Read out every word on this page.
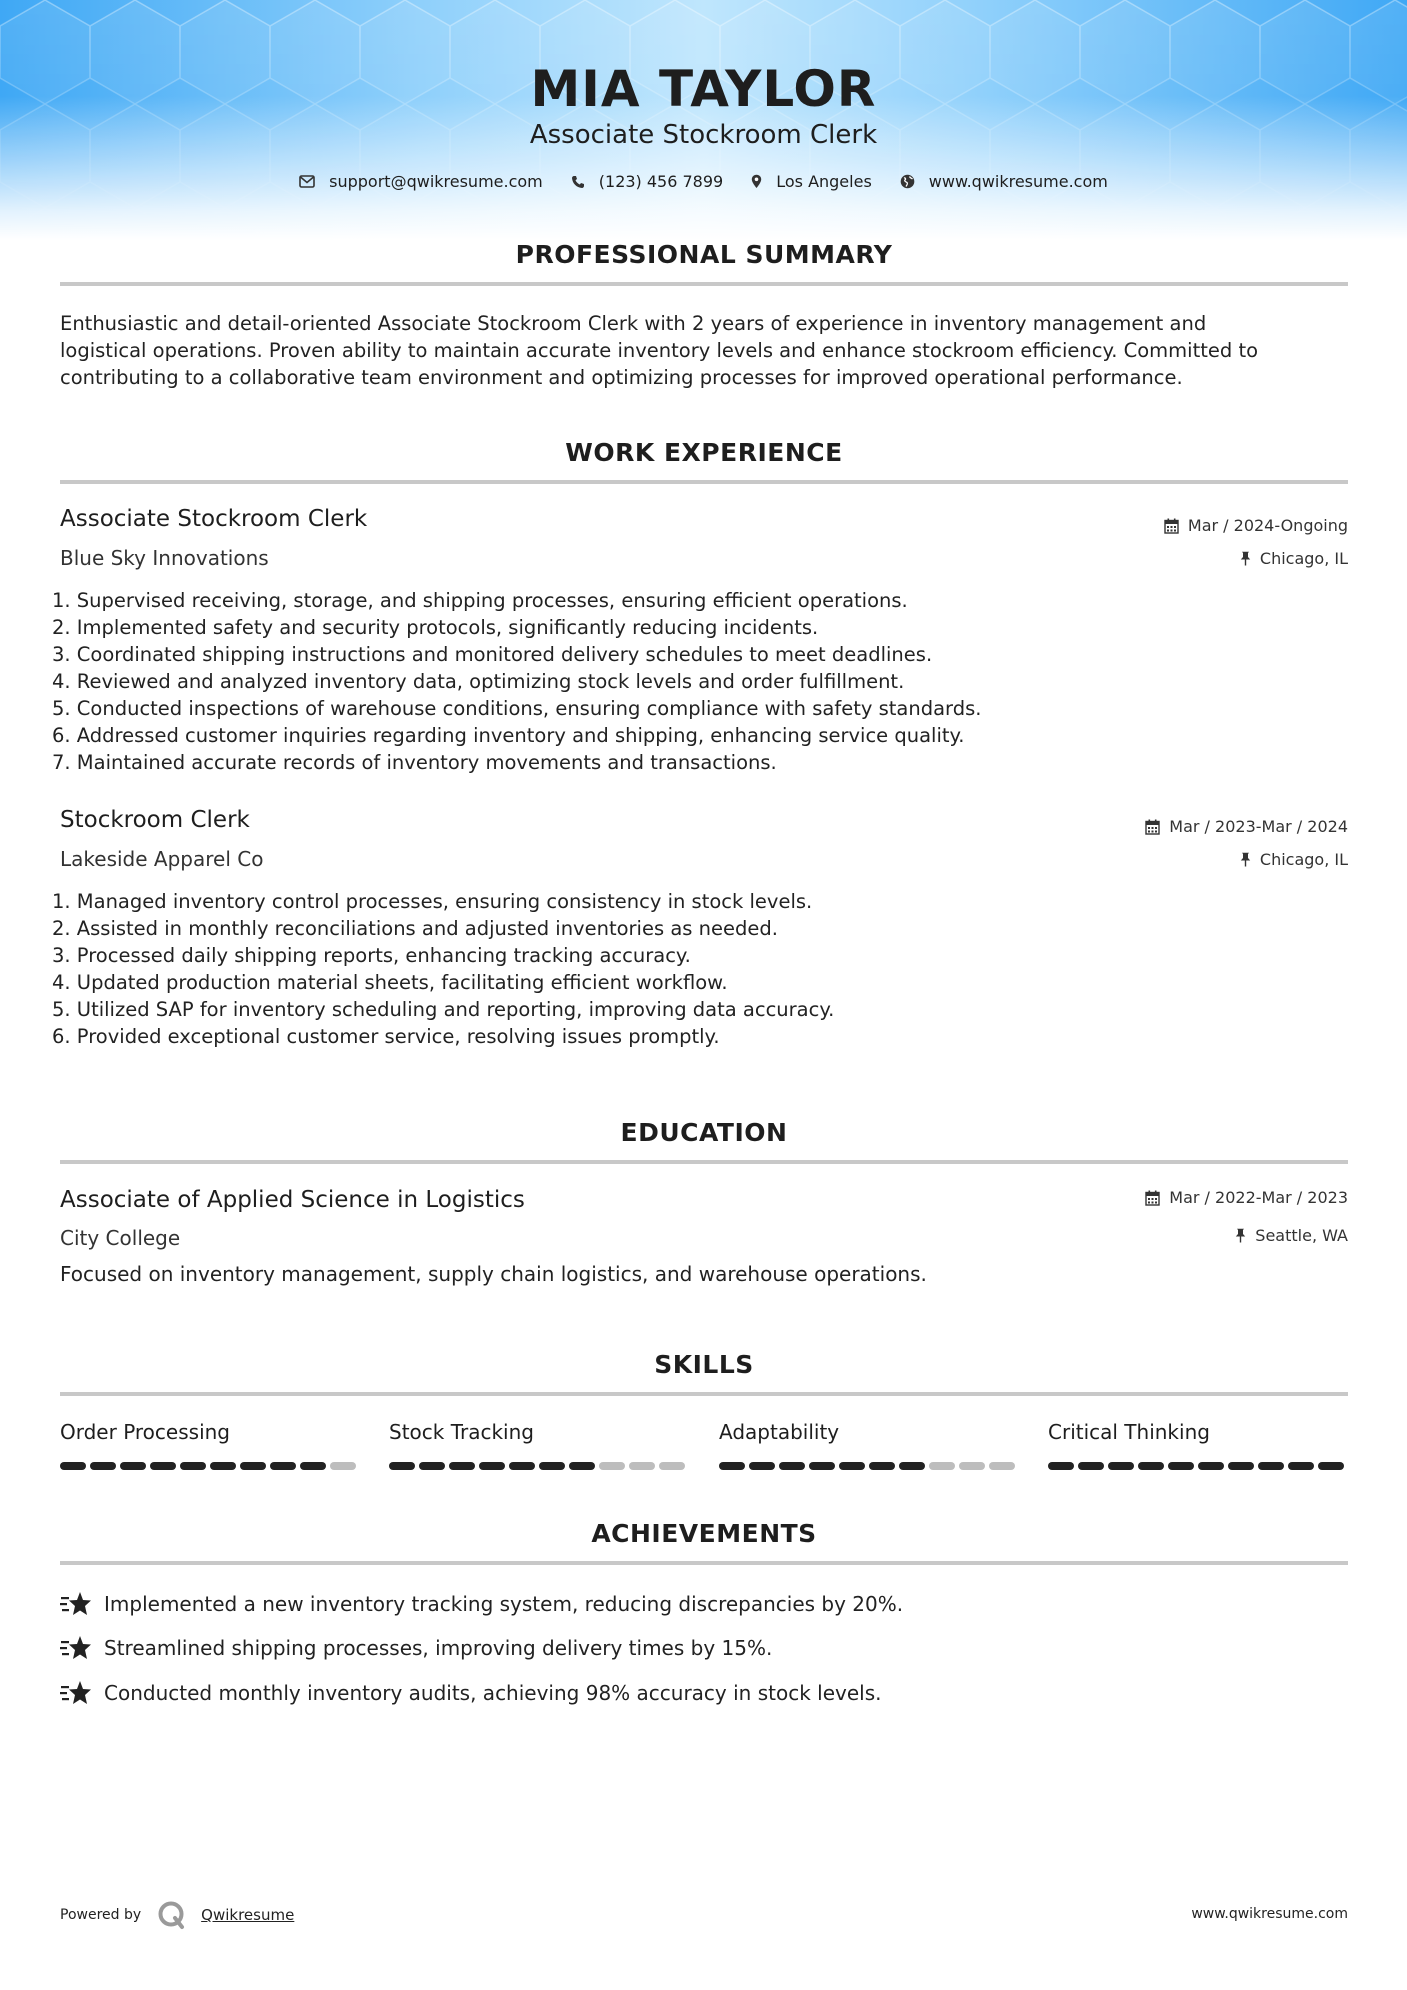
MIA TAYLOR
Associate Stockroom Clerk
support@qwikresume.com	(123) 456 7899	Los Angeles	www.qwikresume.com
PROFESSIONAL SUMMARY
Enthusiastic and detail-oriented Associate Stockroom Clerk with 2 years of experience in inventory management and
logistical operations. Proven ability to maintain accurate inventory levels and enhance stockroom efficiency. Committed to
contributing to a collaborative team environment and optimizing processes for improved operational performance.
WORK EXPERIENCE
Associate Stockroom Clerk	Mar / 2024-Ongoing
Blue Sky Innovations	Chicago, IL
1. Supervised receiving, storage, and shipping processes, ensuring efficient operations.
2. Implemented safety and security protocols, significantly reducing incidents.
3. Coordinated shipping instructions and monitored delivery schedules to meet deadlines.
4. Reviewed and analyzed inventory data, optimizing stock levels and order fulfillment.
5. Conducted inspections of warehouse conditions, ensuring compliance with safety standards.
6. Addressed customer inquiries regarding inventory and shipping, enhancing service quality.
7. Maintained accurate records of inventory movements and transactions.
Stockroom Clerk	Mar / 2023-Mar / 2024
Lakeside Apparel Co	Chicago, IL
1. Managed inventory control processes, ensuring consistency in stock levels.
2. Assisted in monthly reconciliations and adjusted inventories as needed.
3. Processed daily shipping reports, enhancing tracking accuracy.
4. Updated production material sheets, facilitating efficient workflow.
5. Utilized SAP for inventory scheduling and reporting, improving data accuracy.
6. Provided exceptional customer service, resolving issues promptly.
EDUCATION
Associate of Applied Science in Logistics	Mar / 2022-Mar / 2023
City College	Seattle, WA
Focused on inventory management, supply chain logistics, and warehouse operations.
SKILLS
Order Processing	Stock Tracking	Adaptability	Critical Thinking
ACHIEVEMENTS
Implemented a new inventory tracking system, reducing discrepancies by 20%.
Streamlined shipping processes, improving delivery times by 15%.
Conducted monthly inventory audits, achieving 98% accuracy in stock levels.
Powered by	Qwikresume	www.qwikresume.com
